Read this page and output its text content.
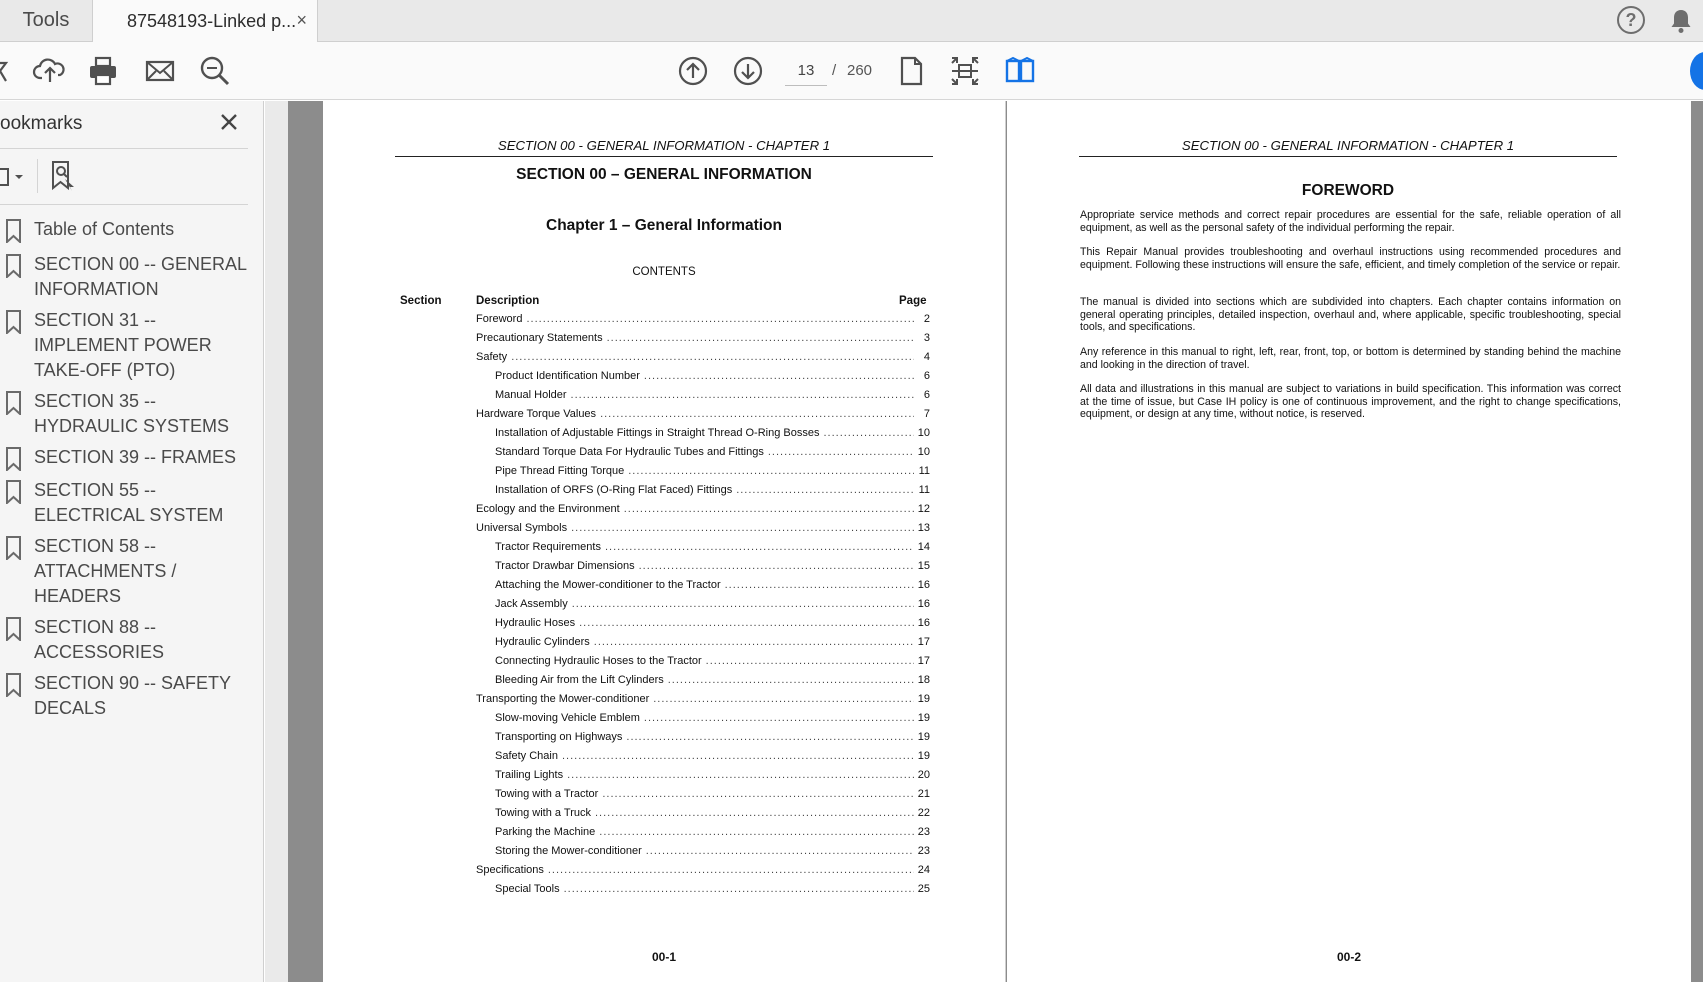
Tools	87548193-Linked p... ×	?
13
/ 260
ookmarks
Table of Contents
SECTION 00 -- GENERAL INFORMATION
SECTION 31 -- IMPLEMENT POWER TAKE-OFF (PTO)
SECTION 35 -- HYDRAULIC SYSTEMS
SECTION 39 -- FRAMES
SECTION 55 -- ELECTRICAL SYSTEM
SECTION 58 -- ATTACHMENTS / HEADERS
SECTION 88 -- ACCESSORIES
SECTION 90 -- SAFETY DECALS
SECTION 00 - GENERAL INFORMATION - CHAPTER 1
SECTION 00 – GENERAL INFORMATION
Chapter 1 – General Information
CONTENTS
Section	Description	Page
Foreword .....	2
Precautionary Statements .....	3
Safety .....	4
Product Identification Number .....	6
Manual Holder .....	6
Hardware Torque Values .....	7
Installation of Adjustable Fittings in Straight Thread O-Ring Bosses .....	10
Standard Torque Data For Hydraulic Tubes and Fittings .....	10
Pipe Thread Fitting Torque .....	11
Installation of ORFS (O-Ring Flat Faced) Fittings .....	11
Ecology and the Environment .....	12
Universal Symbols .....	13
Tractor Requirements .....	14
Tractor Drawbar Dimensions .....	15
Attaching the Mower-conditioner to the Tractor .....	16
Jack Assembly .....	16
Hydraulic Hoses .....	16
Hydraulic Cylinders .....	17
Connecting Hydraulic Hoses to the Tractor .....	17
Bleeding Air from the Lift Cylinders .....	18
Transporting the Mower-conditioner .....	19
Slow-moving Vehicle Emblem .....	19
Transporting on Highways .....	19
Safety Chain .....	19
Trailing Lights .....	20
Towing with a Tractor .....	21
Towing with a Truck .....	22
Parking the Machine .....	23
Storing the Mower-conditioner .....	23
Specifications .....	24
Special Tools .....	25
00-1
SECTION 00 - GENERAL INFORMATION - CHAPTER 1
FOREWORD
Appropriate service methods and correct repair procedures are essential for the safe, reliable operation of all equipment, as well as the personal safety of the individual performing the repair.
This Repair Manual provides troubleshooting and overhaul instructions using recommended procedures and equipment. Following these instructions will ensure the safe, efficient, and timely completion of the service or repair.
The manual is divided into sections which are subdivided into chapters. Each chapter contains information on general operating principles, detailed inspection, overhaul and, where applicable, specific troubleshooting, special tools, and specifications.
Any reference in this manual to right, left, rear, front, top, or bottom is determined by standing behind the machine and looking in the direction of travel.
All data and illustrations in this manual are subject to variations in build specification. This information was correct at the time of issue, but Case IH policy is one of continuous improvement, and the right to change specifications, equipment, or design at any time, without notice, is reserved.
00-2
